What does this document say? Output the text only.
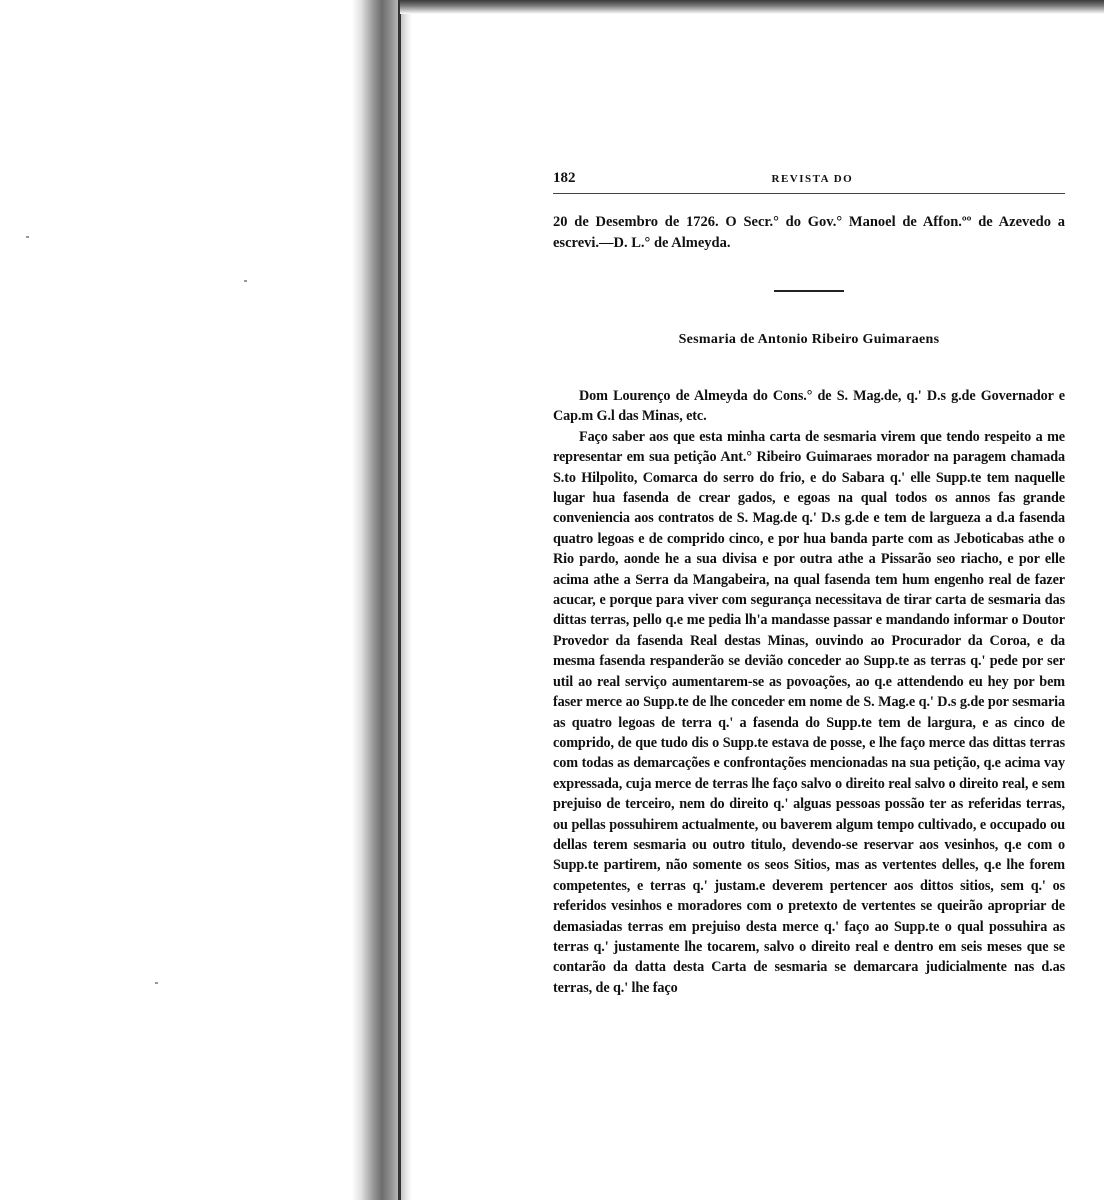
182	REVISTA DO

20 de Desembro de 1726. O Secr.° do Gov.° Manoel de Affon.ºº de Azevedo a escrevi.—D. L.° de Almeyda.

Sesmaria de Antonio Ribeiro Guimaraens

Dom Lourenço de Almeyda do Cons.° de S. Mag.de, q.' D.s g.de Governador e Cap.m G.l das Minas, etc.

Faço saber aos que esta minha carta de sesmaria virem que tendo respeito a me representar em sua petição Ant.° Ribeiro Guimaraes morador na paragem chamada S.to Hilpolito, Comarca do serro do frio, e do Sabara q.' elle Supp.te tem naquelle lugar hua fasenda de crear gados, e egoas na qual todos os annos fas grande conveniencia aos contratos de S. Mag.de q.' D.s g.de e tem de largueza a d.a fasenda quatro legoas e de comprido cinco, e por hua banda parte com as Jeboticabas athe o Rio pardo, aonde he a sua divisa e por outra athe a Pissarão seo riacho, e por elle acima athe a Serra da Mangabeira, na qual fasenda tem hum engenho real de fazer acucar, e porque para viver com segurança necessitava de tirar carta de sesmaria das dittas terras, pello q.e me pedia lh'a mandasse passar e mandando informar o Doutor Provedor da fasenda Real destas Minas, ouvindo ao Procurador da Coroa, e da mesma fasenda respanderão se devião conceder ao Supp.te as terras q.' pede por ser util ao real serviço aumentarem-se as povoações, ao q.e attendendo eu hey por bem faser merce ao Supp.te de lhe conceder em nome de S. Mag.e q.' D.s g.de por sesmaria as quatro legoas de terra q.' a fasenda do Supp.te tem de largura, e as cinco de comprido, de que tudo dis o Supp.te estava de posse, e lhe faço merce das dittas terras com todas as demarcações e confrontações mencionadas na sua petição, q.e acima vay expressada, cuja merce de terras lhe faço salvo o direito real salvo o direito real, e sem prejuiso de terceiro, nem do direito q.' alguas pessoas possão ter as referidas terras, ou pellas possuhirem actualmente, ou baverem algum tempo cultivado, e occupado ou dellas terem sesmaria ou outro titulo, devendo-se reservar aos vesinhos, q.e com o Supp.te partirem, não somente os seos Sitios, mas as vertentes delles, q.e lhe forem competentes, e terras q.' justam.e deverem pertencer aos dittos sitios, sem q.' os referidos vesinhos e moradores com o pretexto de vertentes se queirão apropriar de demasiadas terras em prejuiso desta merce q.' faço ao Supp.te o qual possuhira as terras q.' justamente lhe tocarem, salvo o direito real e dentro em seis meses que se contarão da datta desta Carta de sesmaria se demarcara judicialmente nas d.as terras, de q.' lhe faço
